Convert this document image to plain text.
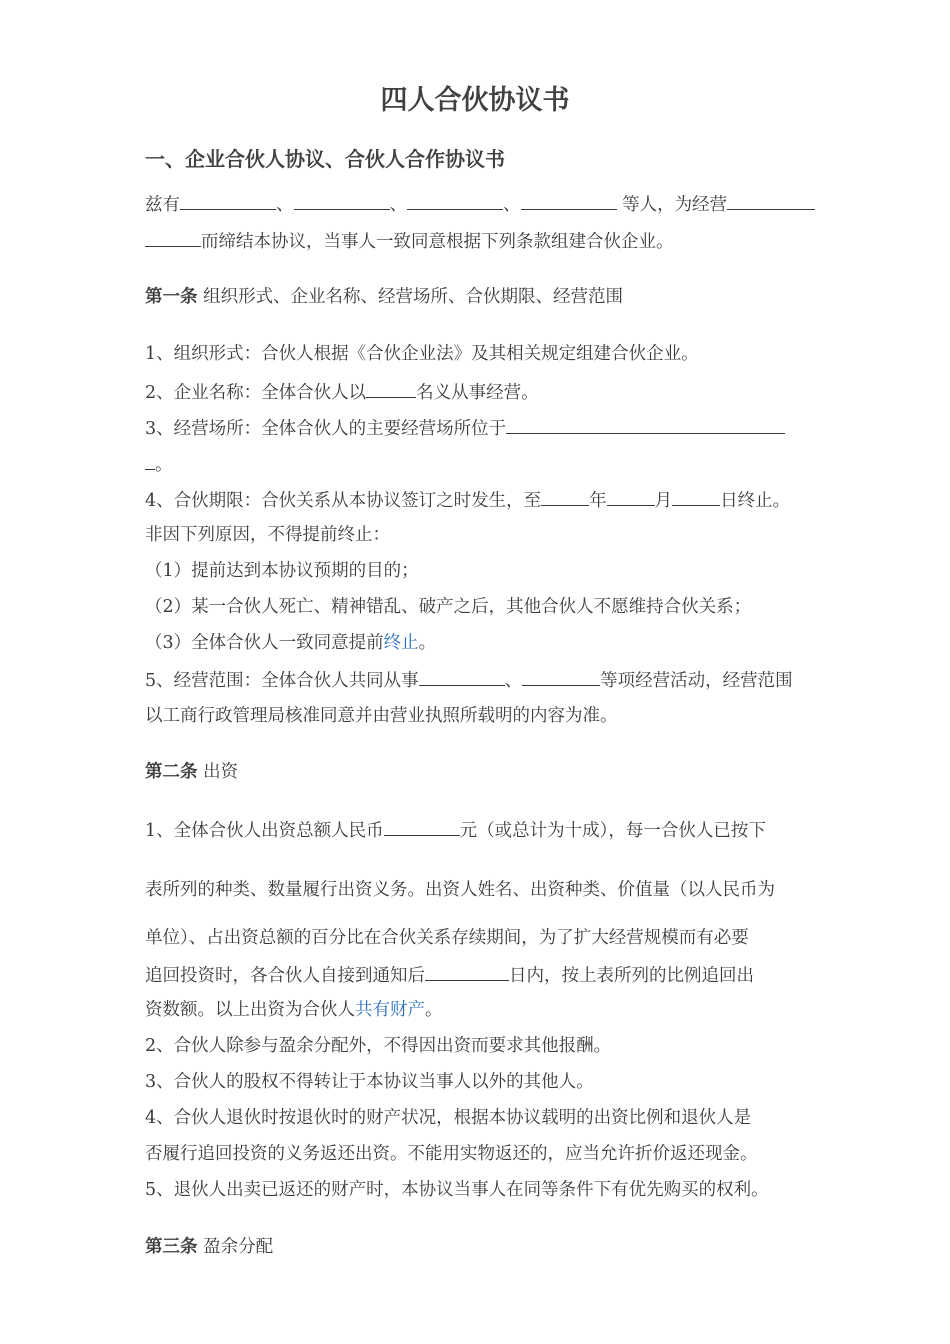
四人合伙协议书
一、企业合伙人协议、合伙人合作协议书
兹有	、	、	、	等人，为经营
而缔结本协议，当事人一致同意根据下列条款组建合伙企业。
第一条 组织形式、企业名称、经营场所、合伙期限、经营范围
1、组织形式：合伙人根据《合伙企业法》及其相关规定组建合伙企业。
2、企业名称：全体合伙人以	名义从事经营。
3、经营场所：全体合伙人的主要经营场所位于
。
4、合伙期限：合伙关系从本协议签订之时发生，至	年	月	日终止。
非因下列原因，不得提前终止：
（1）提前达到本协议预期的目的；
（2）某一合伙人死亡、精神错乱、破产之后，其他合伙人不愿维持合伙关系；
（3）全体合伙人一致同意提前终止。
5、经营范围：全体合伙人共同从事	、	等项经营活动，经营范围
以工商行政管理局核准同意并由营业执照所载明的内容为准。
第二条 出资
1、全体合伙人出资总额人民币	元（或总计为十成），每一合伙人已按下
表所列的种类、数量履行出资义务。出资人姓名、出资种类、价值量（以人民币为
单位）、占出资总额的百分比在合伙关系存续期间，为了扩大经营规模而有必要
追回投资时，各合伙人自接到通知后	日内，按上表所列的比例追回出
资数额。以上出资为合伙人共有财产。
2、合伙人除参与盈余分配外，不得因出资而要求其他报酬。
3、合伙人的股权不得转让于本协议当事人以外的其他人。
4、合伙人退伙时按退伙时的财产状况，根据本协议载明的出资比例和退伙人是
否履行追回投资的义务返还出资。不能用实物返还的，应当允许折价返还现金。
5、退伙人出卖已返还的财产时，本协议当事人在同等条件下有优先购买的权利。
第三条 盈余分配
